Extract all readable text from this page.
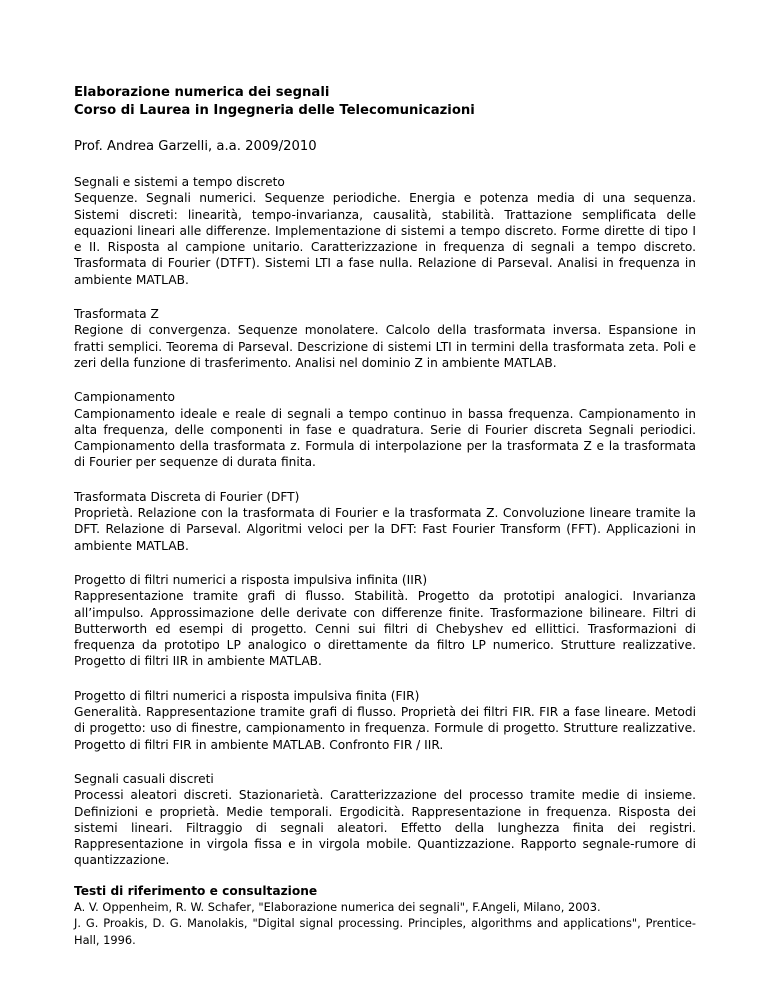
Elaborazione numerica dei segnali

Corso di Laurea in Ingegneria delle Telecomunicazioni

Prof. Andrea Garzelli, a.a. 2009/2010

Segnali e sistemi a tempo discreto

Sequenze. Segnali numerici. Sequenze periodiche. Energia e potenza media di una sequenza. Sistemi discreti: linearità, tempo-invarianza, causalità, stabilità. Trattazione semplificata delle equazioni lineari alle differenze. Implementazione di sistemi a tempo discreto. Forme dirette di tipo I e II. Risposta al campione unitario. Caratterizzazione in frequenza di segnali a tempo discreto. Trasformata di Fourier (DTFT). Sistemi LTI a fase nulla. Relazione di Parseval. Analisi in frequenza in ambiente MATLAB.

Trasformata Z

Regione di convergenza. Sequenze monolatere. Calcolo della trasformata inversa. Espansione in fratti semplici. Teorema di Parseval. Descrizione di sistemi LTI in termini della trasformata zeta. Poli e zeri della funzione di trasferimento. Analisi nel dominio Z in ambiente MATLAB.

Campionamento

Campionamento ideale e reale di segnali a tempo continuo in bassa frequenza. Campionamento in alta frequenza, delle componenti in fase e quadratura. Serie di Fourier discreta Segnali periodici. Campionamento della trasformata z. Formula di interpolazione per la trasformata Z e la trasformata di Fourier per sequenze di durata finita.

Trasformata Discreta di Fourier (DFT)

Proprietà. Relazione con la trasformata di Fourier e la trasformata Z. Convoluzione lineare tramite la DFT. Relazione di Parseval. Algoritmi veloci per la DFT: Fast Fourier Transform (FFT). Applicazioni in ambiente MATLAB.

Progetto di filtri numerici a risposta impulsiva infinita (IIR)

Rappresentazione tramite grafi di flusso. Stabilità. Progetto da prototipi analogici. Invarianza all’impulso. Approssimazione delle derivate con differenze finite. Trasformazione bilineare. Filtri di Butterworth ed esempi di progetto. Cenni sui filtri di Chebyshev ed ellittici. Trasformazioni di frequenza da prototipo LP analogico o direttamente da filtro LP numerico. Strutture realizzative. Progetto di filtri IIR in ambiente MATLAB.

Progetto di filtri numerici a risposta impulsiva finita (FIR)

Generalità. Rappresentazione tramite grafi di flusso. Proprietà dei filtri FIR. FIR a fase lineare. Metodi di progetto: uso di finestre, campionamento in frequenza. Formule di progetto. Strutture realizzative. Progetto di filtri FIR in ambiente MATLAB. Confronto FIR / IIR.

Segnali casuali discreti

Processi aleatori discreti. Stazionarietà. Caratterizzazione del processo tramite medie di insieme. Definizioni e proprietà. Medie temporali. Ergodicità. Rappresentazione in frequenza. Risposta dei sistemi lineari. Filtraggio di segnali aleatori. Effetto della lunghezza finita dei registri. Rappresentazione in virgola fissa e in virgola mobile. Quantizzazione. Rapporto segnale-rumore di quantizzazione.

Testi di riferimento e consultazione

A. V. Oppenheim, R. W. Schafer, "Elaborazione numerica dei segnali", F.Angeli, Milano, 2003.

J. G. Proakis, D. G. Manolakis, "Digital signal processing. Principles, algorithms and applications", Prentice-Hall, 1996.
